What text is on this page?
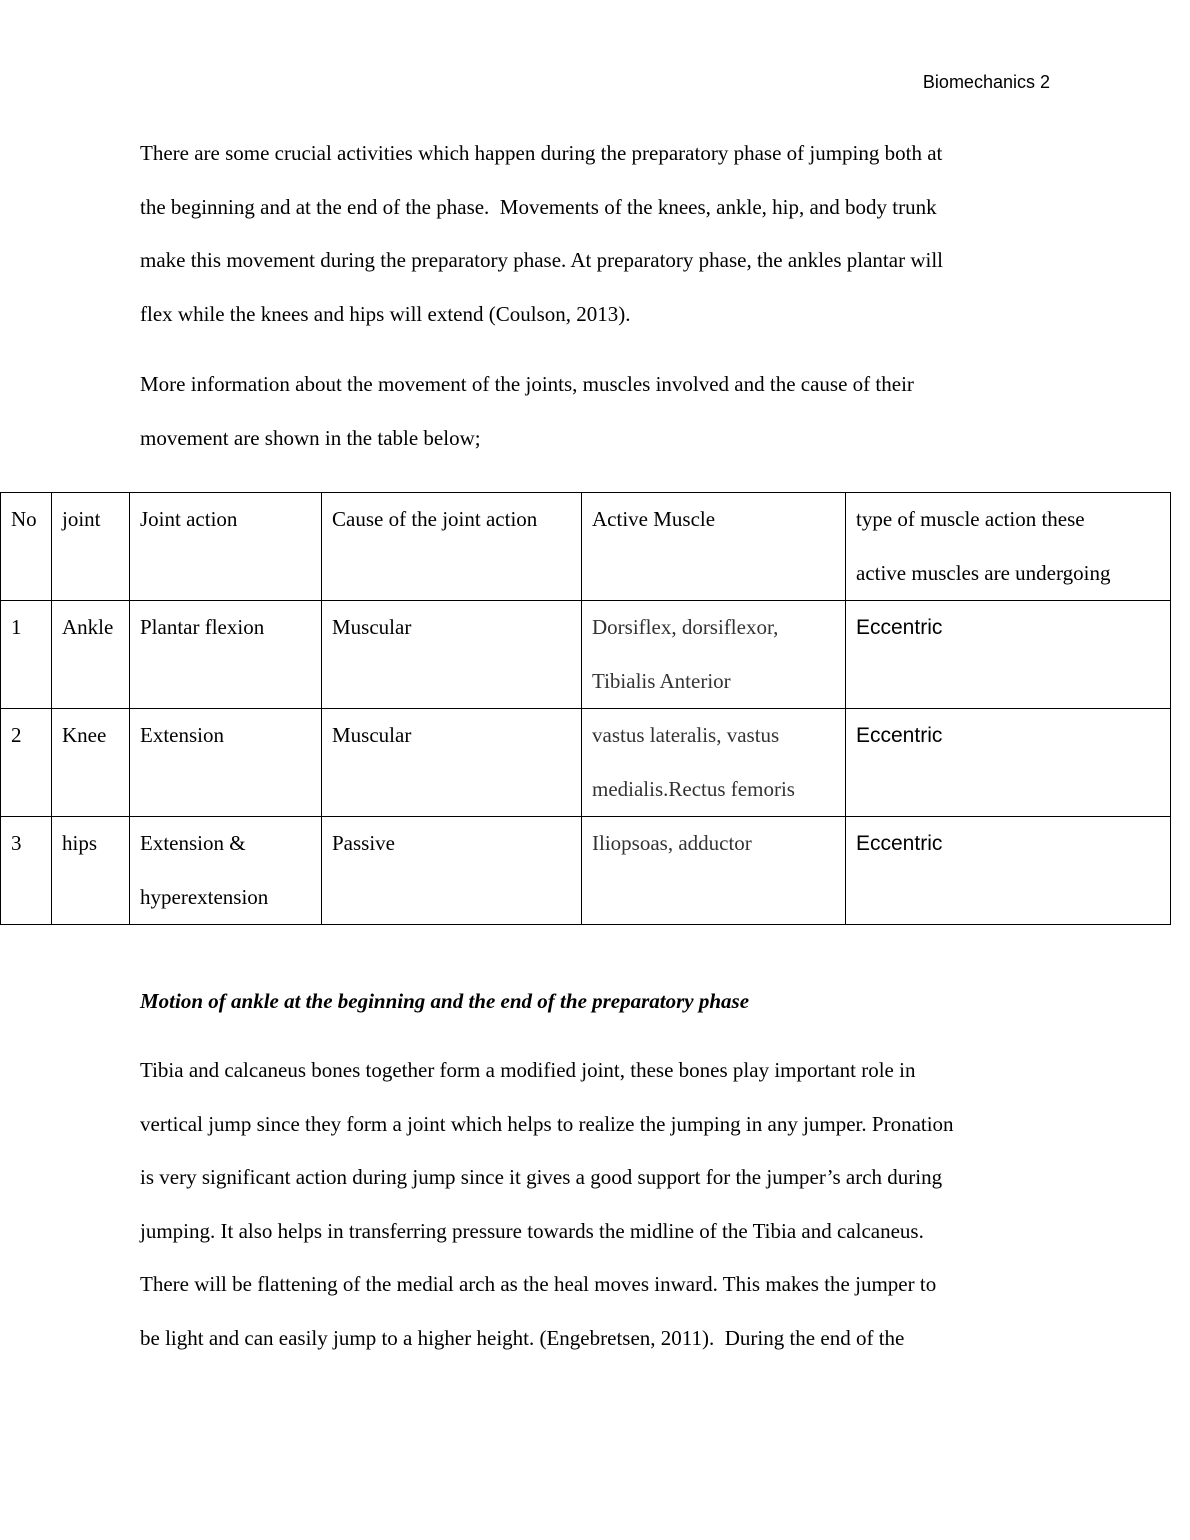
Biomechanics 2

There are some crucial activities which happen during the preparatory phase of jumping both at
the beginning and at the end of the phase.  Movements of the knees, ankle, hip, and body trunk
make this movement during the preparatory phase. At preparatory phase, the ankles plantar will
flex while the knees and hips will extend (Coulson, 2013).

More information about the movement of the joints, muscles involved and the cause of their
movement are shown in the table below;

No	joint	Joint action	Cause of the joint action	Active Muscle	type of muscle action these
active muscles are undergoing

1	Ankle	Plantar flexion	Muscular	Dorsiflex, dorsiflexor,
Tibialis Anterior	Eccentric

2	Knee	Extension	Muscular	vastus lateralis, vastus
medialis.Rectus femoris	Eccentric

3	hips	Extension &
hyperextension	Passive	Iliopsoas, adductor	Eccentric
Motion of ankle at the beginning and the end of the preparatory phase

Tibia and calcaneus bones together form a modified joint, these bones play important role in
vertical jump since they form a joint which helps to realize the jumping in any jumper. Pronation
is very significant action during jump since it gives a good support for the jumper’s arch during
jumping. It also helps in transferring pressure towards the midline of the Tibia and calcaneus.
There will be flattening of the medial arch as the heal moves inward. This makes the jumper to
be light and can easily jump to a higher height. (Engebretsen, 2011).  During the end of the
